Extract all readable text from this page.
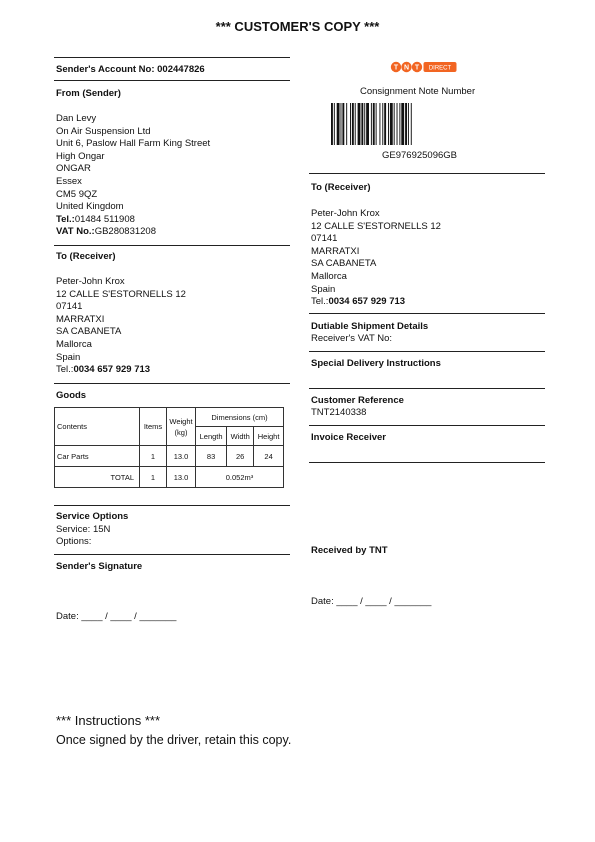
*** CUSTOMER'S COPY ***
Sender's Account No: 002447826
From (Sender)
Dan Levy
On Air Suspension Ltd
Unit 6, Paslow Hall Farm King Street
High Ongar
ONGAR
Essex
CM5 9QZ
United Kingdom
Tel.:01484 511908
VAT No.:GB280831208
To (Receiver)
Peter-John Krox
12 CALLE S'ESTORNELLS 12
07141
MARRATXI
SA CABANETA
Mallorca
Spain
Tel.:0034 657 929 713
Goods
Contents	Items	Weight (kg)	Dimensions (cm)		
			Length	Width	Height
Car Parts	1	13.0	83	26	24
TOTAL	1	13.0	0.052m³		
Service Options
Service: 15N
Options:
Sender's Signature
Date: ____ / ____ / _______
T N T DIRECT
Consignment Note Number
GE976925096GB
To (Receiver)
Peter-John Krox
12 CALLE S'ESTORNELLS 12
07141
MARRATXI
SA CABANETA
Mallorca
Spain
Tel.:0034 657 929 713
Dutiable Shipment Details
Receiver's VAT No:
Special Delivery Instructions
Customer Reference
TNT2140338
Invoice Receiver
Received by TNT
Date: ____ / ____ / _______
*** Instructions ***
Once signed by the driver, retain this copy.
